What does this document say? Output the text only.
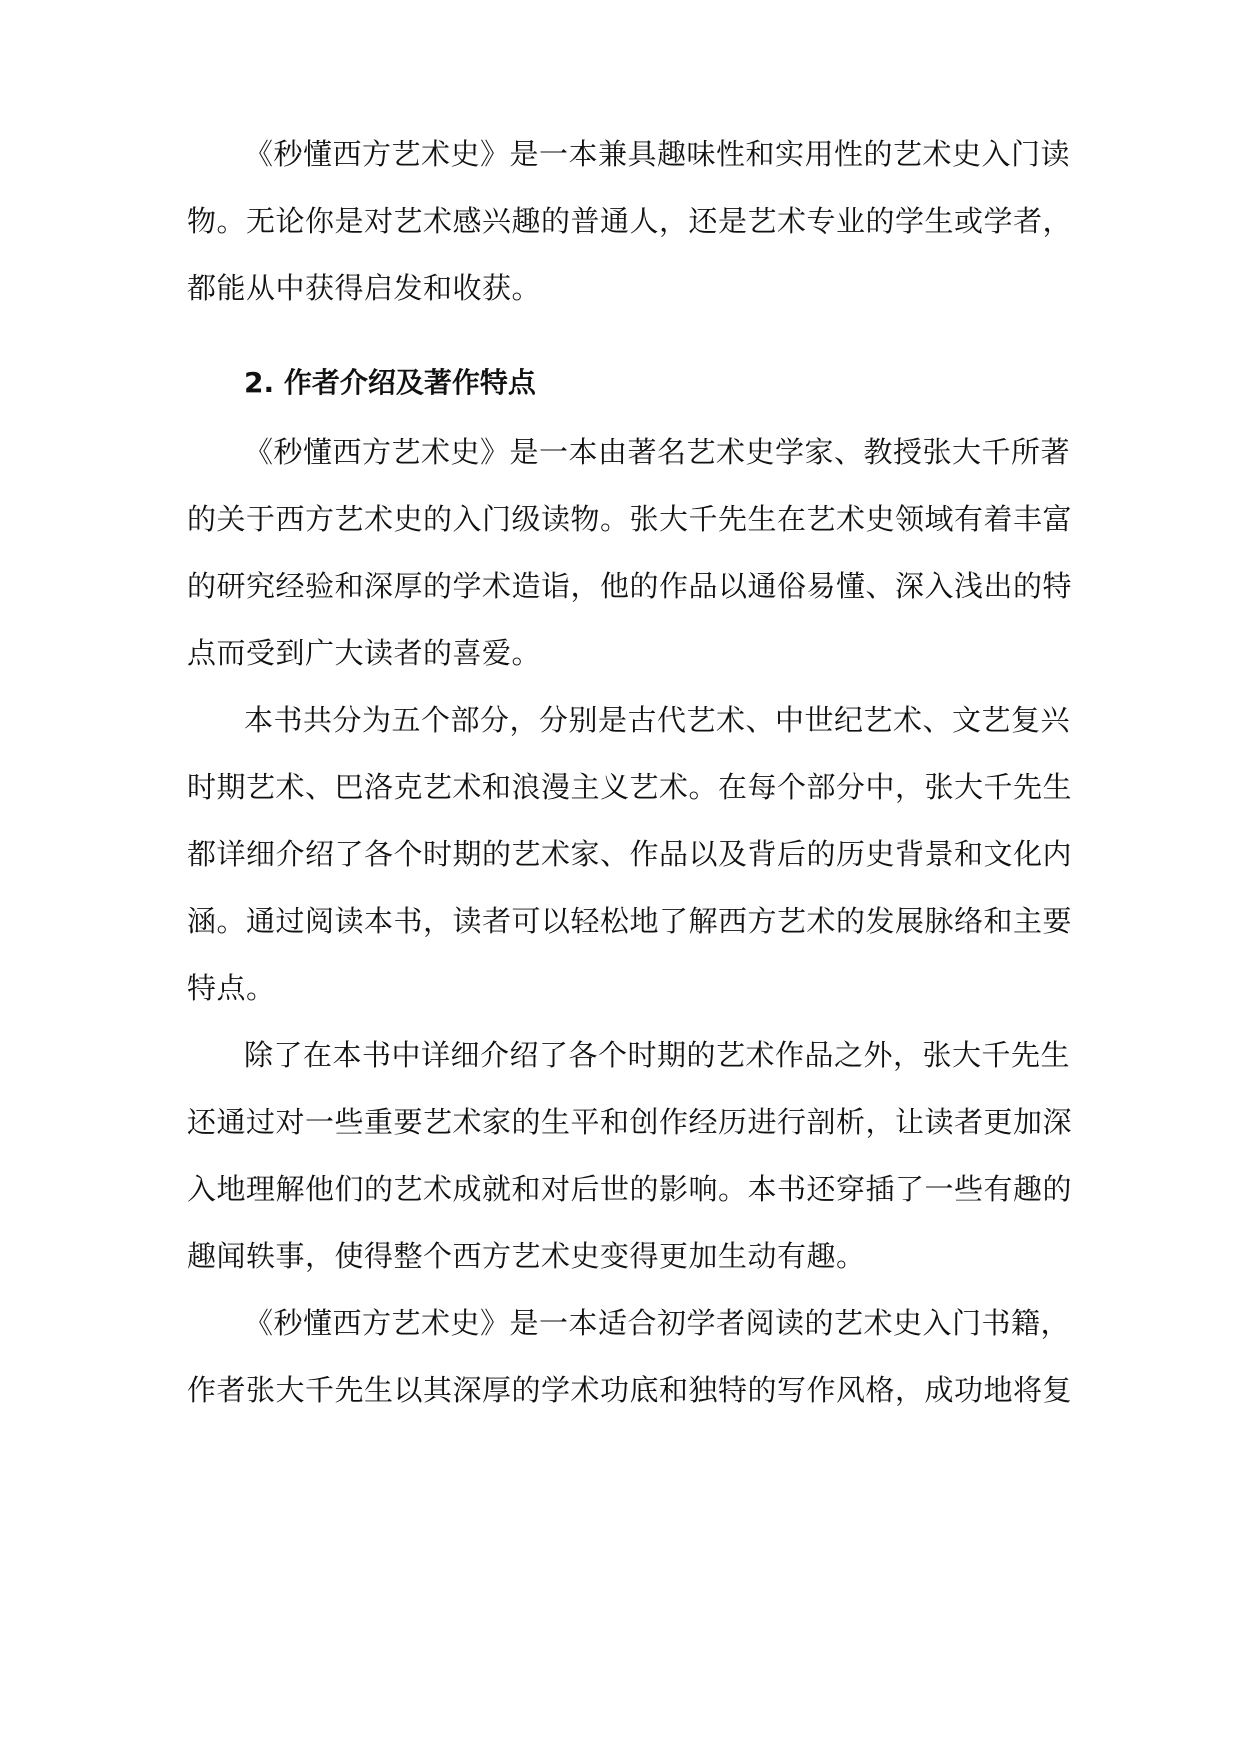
《秒懂西方艺术史》是一本兼具趣味性和实用性的艺术史入门读
物。无论你是对艺术感兴趣的普通人，还是艺术专业的学生或学者，
都能从中获得启发和收获。
2. 作者介绍及著作特点
《秒懂西方艺术史》是一本由著名艺术史学家、教授张大千所著
的关于西方艺术史的入门级读物。张大千先生在艺术史领域有着丰富
的研究经验和深厚的学术造诣，他的作品以通俗易懂、深入浅出的特
点而受到广大读者的喜爱。
本书共分为五个部分，分别是古代艺术、中世纪艺术、文艺复兴
时期艺术、巴洛克艺术和浪漫主义艺术。在每个部分中，张大千先生
都详细介绍了各个时期的艺术家、作品以及背后的历史背景和文化内
涵。通过阅读本书，读者可以轻松地了解西方艺术的发展脉络和主要
特点。
除了在本书中详细介绍了各个时期的艺术作品之外，张大千先生
还通过对一些重要艺术家的生平和创作经历进行剖析，让读者更加深
入地理解他们的艺术成就和对后世的影响。本书还穿插了一些有趣的
趣闻轶事，使得整个西方艺术史变得更加生动有趣。
《秒懂西方艺术史》是一本适合初学者阅读的艺术史入门书籍，
作者张大千先生以其深厚的学术功底和独特的写作风格，成功地将复
